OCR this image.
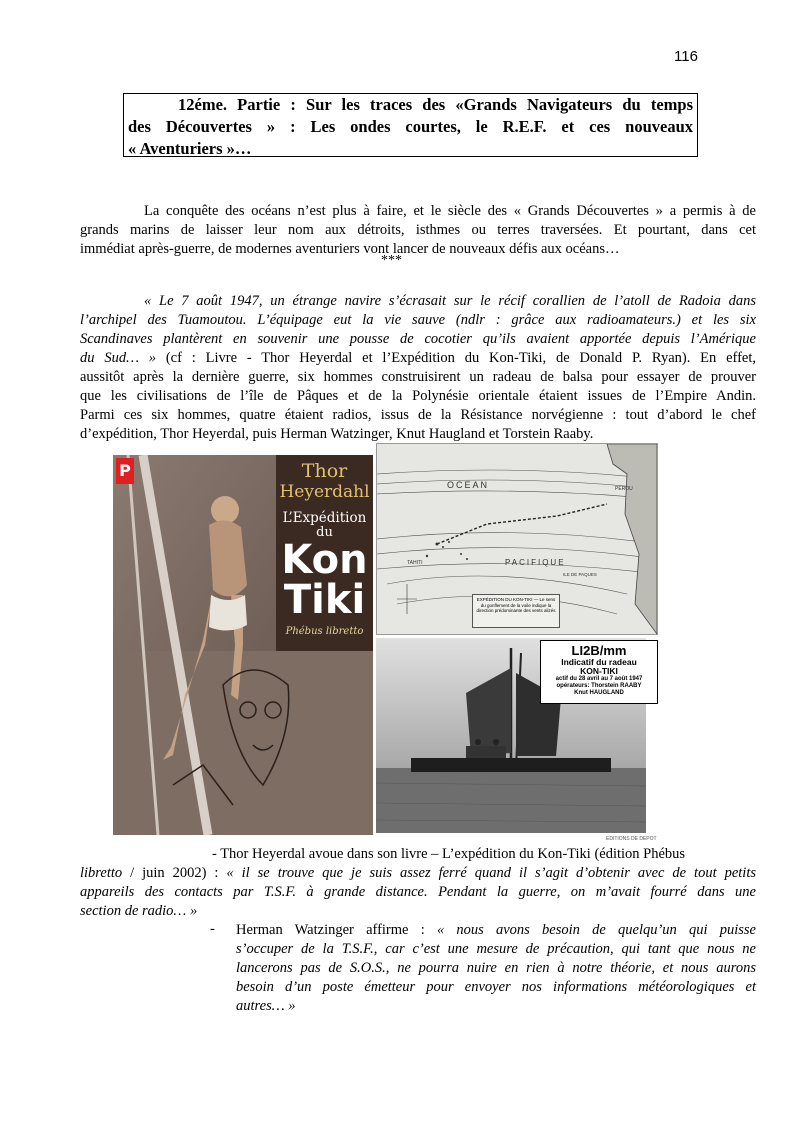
116
12éme. Partie : Sur les traces des «Grands Navigateurs du temps
des Découvertes » : Les ondes courtes, le R.E.F. et ces nouveaux
« Aventuriers »…
La conquête des océans n’est plus à faire, et le siècle des « Grands Découvertes » a permis à de
grands marins de laisser leur nom aux détroits, isthmes ou terres traversées. Et pourtant, dans cet
immédiat après-guerre, de modernes aventuriers vont lancer de nouveaux défis aux océans…
***
« Le 7 août 1947, un étrange navire s’écrasait sur le récif corallien de l’atoll de Radoia dans
l’archipel des Tuamoutou. L’équipage eut la vie sauve (ndlr : grâce aux radioamateurs.) et les six
Scandinaves plantèrent en souvenir une pousse de cocotier qu’ils avaient apportée depuis l’Amérique
du Sud… » (cf : Livre - Thor Heyerdal et l’Expédition du Kon-Tiki, de Donald P. Ryan). En effet,
aussitôt après la dernière guerre, six hommes construisirent un radeau de balsa pour essayer de prouver
que les civilisations de l’île de Pâques et de la Polynésie orientale étaient issues de l’Empire Andin.
Parmi ces six hommes, quatre étaient radios, issus de la Résistance norvégienne : tout d’abord le chef
d’expédition, Thor Heyerdal, puis Herman Watzinger, Knut Haugland et Torstein Raaby.
P	Thor
Heyerdahl
L’Expédition
du
Kon
Tiki
Phébus libretto
OCEAN
PACIFIQUE
TAHITI
PEROU
ILE DE PAQUES
EXPÉDITION DU KON-TIKI — Le sens du gonflement de la voile indique la direction prédominante des vents alizés
LI2B/mm
Indicatif du radeau
KON-TIKI
actif du 28 avril au 7 août 1947
opérateurs: Thorstein RAABY
Knut HAUGLAND
EDITIONS DE DEPOT
- Thor Heyerdal avoue dans son livre – L’expédition du Kon-Tiki (édition Phébus
libretto / juin 2002) : « il se trouve que je suis assez ferré quand il s’agit d’obtenir avec de tout petits
appareils des contacts par T.S.F. à grande distance. Pendant la guerre, on m’avait fourré dans une
section de radio… »
- Herman Watzinger affirme : « nous avons besoin de quelqu’un qui puisse
s’occuper de la T.S.F., car c’est une mesure de précaution, qui tant que nous ne
lancerons pas de S.O.S., ne pourra nuire en rien à notre théorie, et nous aurons
besoin d’un poste émetteur pour envoyer nos informations météorologiques et
autres… »
